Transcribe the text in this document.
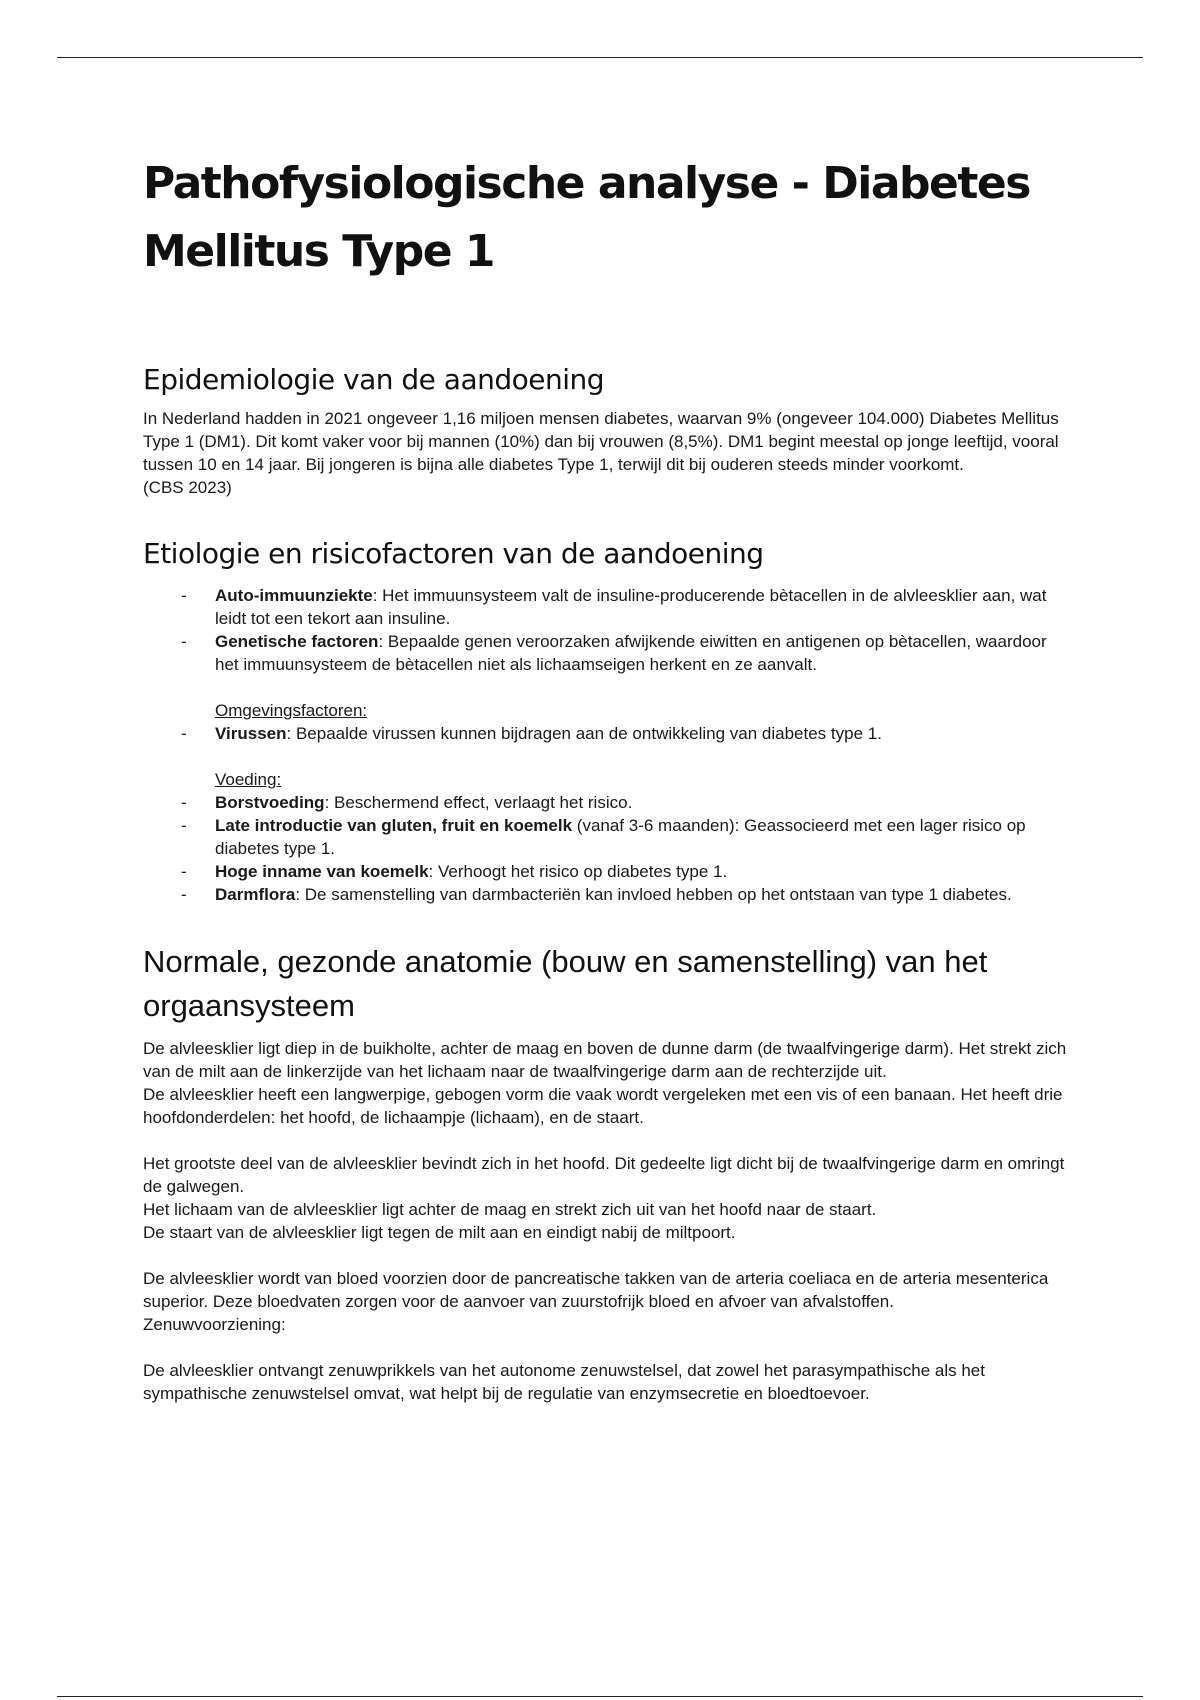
Pathofysiologische analyse - Diabetes Mellitus Type 1
Epidemiologie van de aandoening

In Nederland hadden in 2021 ongeveer 1,16 miljoen mensen diabetes, waarvan 9% (ongeveer 104.000) Diabetes Mellitus Type 1 (DM1). Dit komt vaker voor bij mannen (10%) dan bij vrouwen (8,5%). DM1 begint meestal op jonge leeftijd, vooral tussen 10 en 14 jaar. Bij jongeren is bijna alle diabetes Type 1, terwijl dit bij ouderen steeds minder voorkomt.

(CBS 2023)

Etiologie en risicofactoren van de aandoening
- Auto-immuunziekte: Het immuunsysteem valt de insuline-producerende bètacellen in de alvleesklier aan, wat leidt tot een tekort aan insuline.
- Genetische factoren: Bepaalde genen veroorzaken afwijkende eiwitten en antigenen op bètacellen, waardoor het immuunsysteem de bètacellen niet als lichaamseigen herkent en ze aanvalt.
Omgevingsfactoren:
- Virussen: Bepaalde virussen kunnen bijdragen aan de ontwikkeling van diabetes type 1.
Voeding:
- Borstvoeding: Beschermend effect, verlaagt het risico.
- Late introductie van gluten, fruit en koemelk (vanaf 3-6 maanden): Geassocieerd met een lager risico op diabetes type 1.
- Hoge inname van koemelk: Verhoogt het risico op diabetes type 1.
- Darmflora: De samenstelling van darmbacteriën kan invloed hebben op het ontstaan van type 1 diabetes.
Normale, gezonde anatomie (bouw en samenstelling) van het orgaansysteem

De alvleesklier ligt diep in de buikholte, achter de maag en boven de dunne darm (de twaalfvingerige darm). Het strekt zich van de milt aan de linkerzijde van het lichaam naar de twaalfvingerige darm aan de rechterzijde uit.

De alvleesklier heeft een langwerpige, gebogen vorm die vaak wordt vergeleken met een vis of een banaan. Het heeft drie hoofdonderdelen: het hoofd, de lichaampje (lichaam), en de staart.

Het grootste deel van de alvleesklier bevindt zich in het hoofd. Dit gedeelte ligt dicht bij de twaalfvingerige darm en omringt de galwegen.

Het lichaam van de alvleesklier ligt achter de maag en strekt zich uit van het hoofd naar de staart.

De staart van de alvleesklier ligt tegen de milt aan en eindigt nabij de miltpoort.

De alvleesklier wordt van bloed voorzien door de pancreatische takken van de arteria coeliaca en de arteria mesenterica superior. Deze bloedvaten zorgen voor de aanvoer van zuurstofrijk bloed en afvoer van afvalstoffen.

Zenuwvoorziening:

De alvleesklier ontvangt zenuwprikkels van het autonome zenuwstelsel, dat zowel het parasympathische als het sympathische zenuwstelsel omvat, wat helpt bij de regulatie van enzymsecretie en bloedtoevoer.
